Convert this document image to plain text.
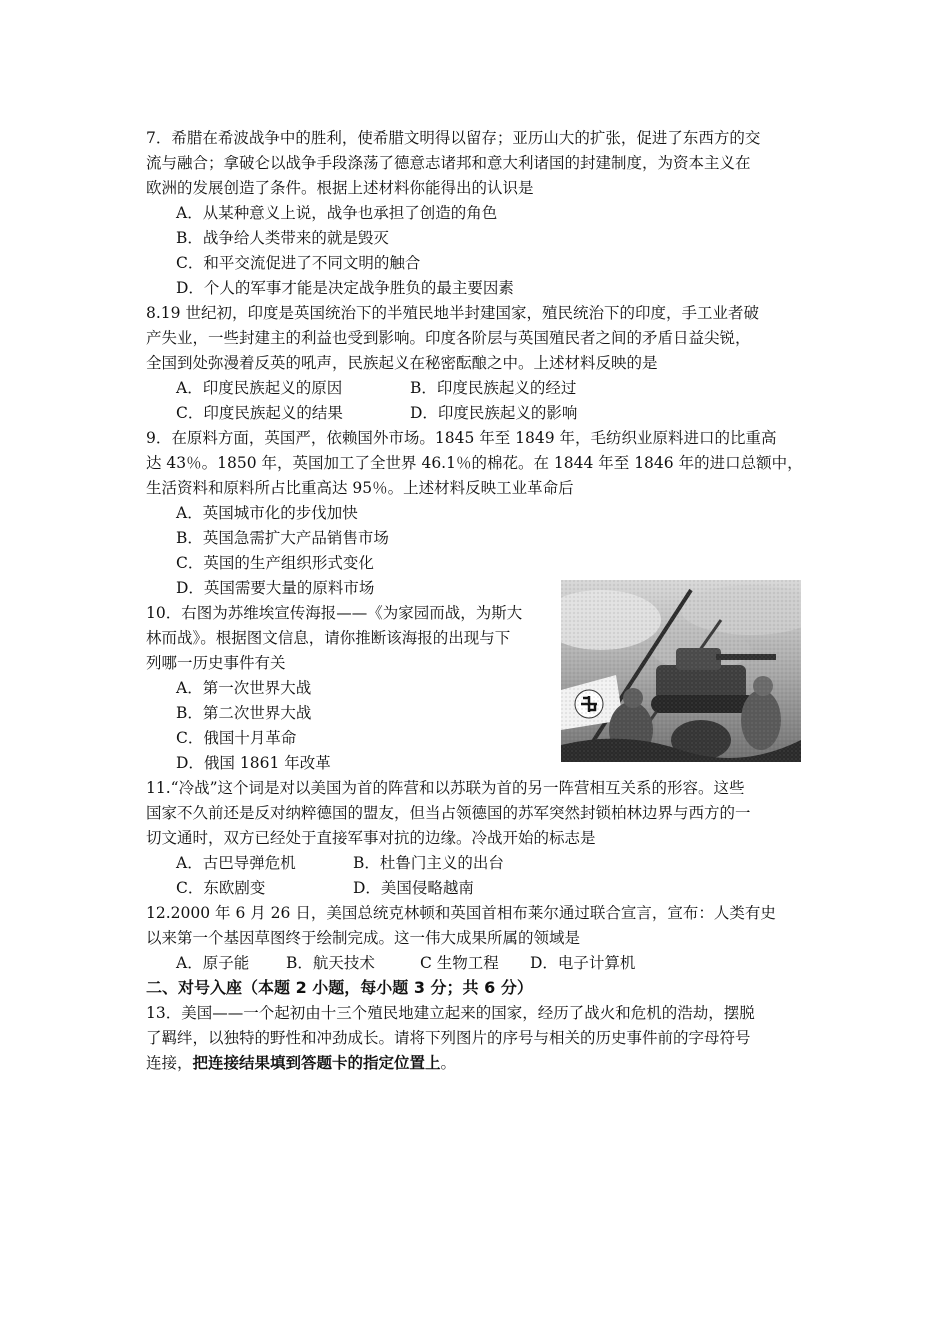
7．希腊在希波战争中的胜利，使希腊文明得以留存；亚历山大的扩张，促进了东西方的交
流与融合；拿破仑以战争手段涤荡了德意志诸邦和意大利诸国的封建制度，为资本主义在
欧洲的发展创造了条件。根据上述材料你能得出的认识是
A．从某种意义上说，战争也承担了创造的角色
B．战争给人类带来的就是毁灭
C．和平交流促进了不同文明的触合
D．个人的军事才能是决定战争胜负的最主要因素
8.19 世纪初，印度是英国统治下的半殖民地半封建国家，殖民统治下的印度，手工业者破
产失业，一些封建主的利益也受到影响。印度各阶层与英国殖民者之间的矛盾日益尖锐，
全国到处弥漫着反英的吼声，民族起义在秘密酝酿之中。上述材料反映的是
A．印度民族起义的原因	B．印度民族起义的经过
C．印度民族起义的结果	D．印度民族起义的影响
9．在原料方面，英国严，依赖国外市场。1845 年至 1849 年，毛纺织业原料进口的比重高
达 43％。1850 年，英国加工了全世界 46.1％的棉花。在 1844 年至 1846 年的进口总额中，
生活资料和原料所占比重高达 95％。上述材料反映工业革命后
A．英国城市化的步伐加快
B．英国急需扩大产品销售市场
C．英国的生产组织形式变化
D．英国需要大量的原料市场
10．右图为苏维埃宣传海报——《为家园而战，为斯大
林而战》。根据图文信息，请你推断该海报的出现与下
列哪一历史事件有关
A．第一次世界大战
B．第二次世界大战
C．俄国十月革命
D．俄国 1861 年改革
11.“冷战”这个词是对以美国为首的阵营和以苏联为首的另一阵营相互关系的形容。这些
国家不久前还是反对纳粹德国的盟友，但当占领德国的苏军突然封锁柏林边界与西方的一
切文通时，双方已经处于直接军事对抗的边缘。冷战开始的标志是
A．古巴导弹危机	B．杜鲁门主义的出台
C．东欧剧变	D．美国侵略越南
12.2000 年 6 月 26 日，美国总统克林顿和英国首相布莱尔通过联合宣言，宣布：人类有史
以来第一个基因草图终于绘制完成。这一伟大成果所属的领域是
A．原子能 B．航天技术	C 生物工程 D．电子计算机
二、对号入座（本题 2 小题，每小题 3 分；共 6 分）
13．美国——一个起初由十三个殖民地建立起来的国家，经历了战火和危机的浩劫，摆脱
了羁绊，以独特的野性和冲劲成长。请将下列图片的序号与相关的历史事件前的字母符号
连接，把连接结果填到答题卡的指定位置上。
